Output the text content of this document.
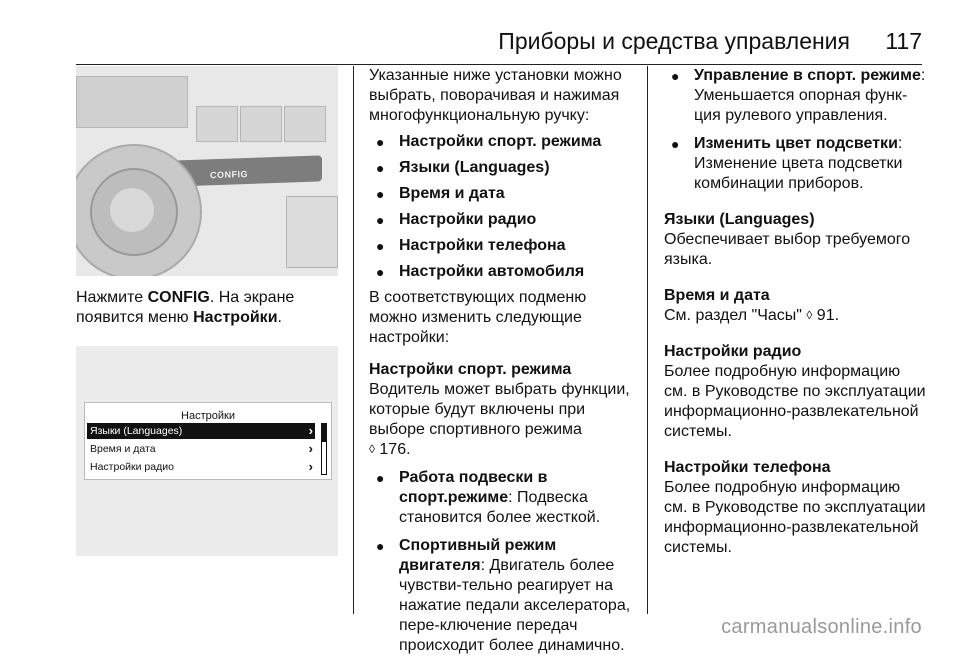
Приборы и средства управления 117
CONFIG

Нажмите CONFIG. На экране появится меню Настройки.

Настройки
Языки (Languages)	›
Время и дата	›
Настройки радио	›

Указанные ниже установки можно выбрать, поворачивая и нажимая многофункциональную ручку:

● Настройки спорт. режима

● Языки (Languages)

● Время и дата

● Настройки радио

● Настройки телефона

● Настройки автомобиля

В соответствующих подменю можно изменить следующие настройки:

Настройки спорт. режима

Водитель может выбрать функции, которые будут включены при выборе спортивного режима
◊ 176.

● Работа подвески в спорт.режиме: Подвеска становится более жесткой.

● Спортивный режим двигателя: Двигатель более чувстви-тельно реагирует на нажатие педали акселератора, пере-ключение передач происходит более динамично.

● Управление в спорт. режиме: Уменьшается опорная функ-ция рулевого управления.

● Изменить цвет подсветки: Изменение цвета подсветки комбинации приборов.

Языки (Languages)

Обеспечивает выбор требуемого языка.

Время и дата

См. раздел "Часы" ◊ 91.

Настройки радио

Более подробную информацию см. в Руководстве по эксплуатации информационно-развлекательной системы.

Настройки телефона

Более подробную информацию см. в Руководстве по эксплуатации информационно-развлекательной системы.

carmanualsonline.info
